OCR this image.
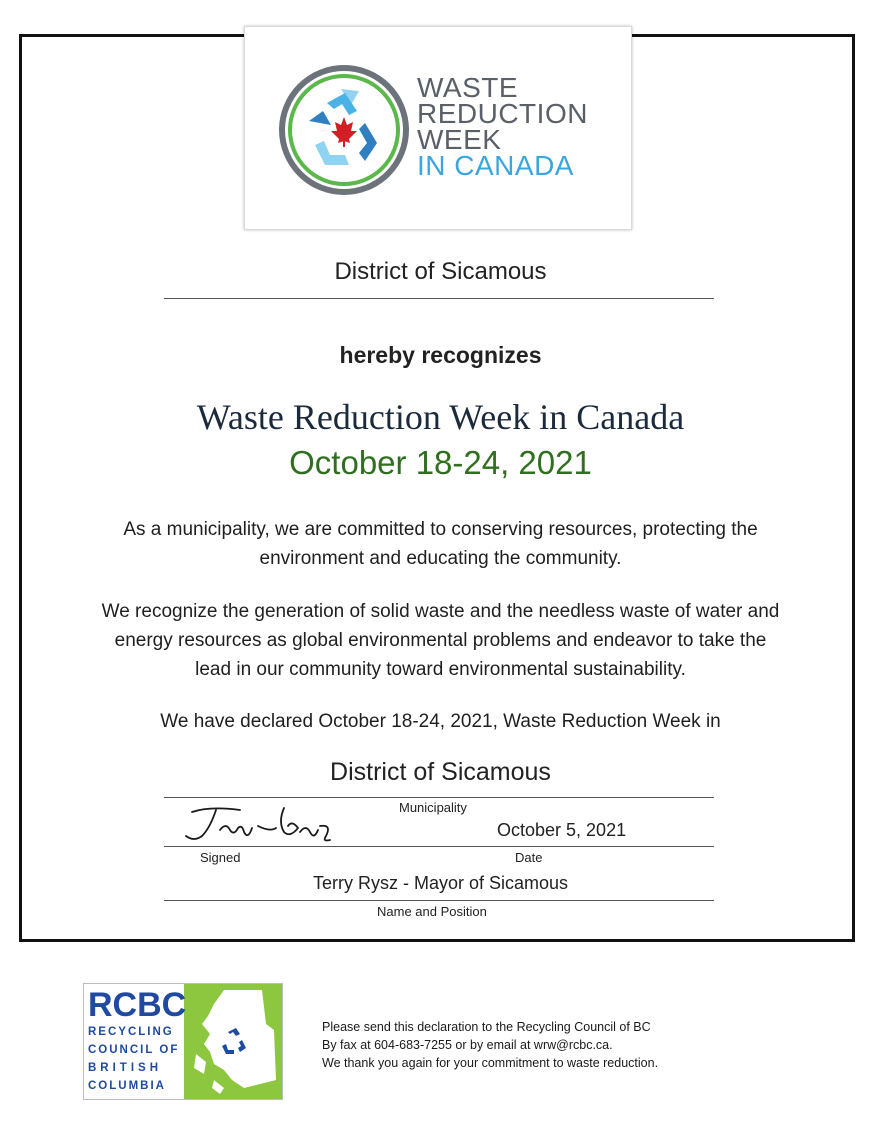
WASTE
REDUCTION
WEEK
IN CANADA
District of Sicamous
hereby recognizes
Waste Reduction Week in Canada
October 18-24, 2021
As a municipality, we are committed to conserving resources, protecting the
environment and educating the community.
We recognize the generation of solid waste and the needless waste of water and
energy resources as global environmental problems and endeavor to take the
lead in our community toward environmental sustainability.
We have declared October 18-24, 2021, Waste Reduction Week in
District of Sicamous
Municipality
October 5, 2021
Signed	Date
Terry Rysz - Mayor of Sicamous
Name and Position
RCBC
RECYCLING
COUNCIL OF
BRITISH
COLUMBIA
Please send this declaration to the Recycling Council of BC
By fax at 604-683-7255 or by email at wrw@rcbc.ca.
We thank you again for your commitment to waste reduction.
